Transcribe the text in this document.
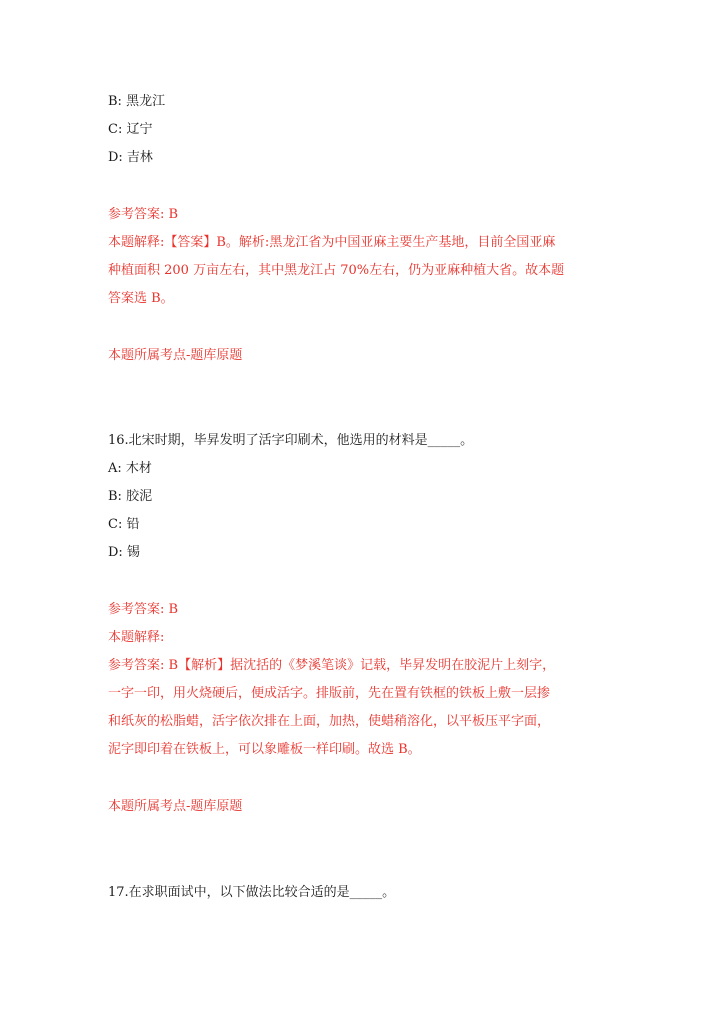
B: 黑龙江
C: 辽宁
D: 吉林
参考答案: B
本题解释:【答案】B。解析:黑龙江省为中国亚麻主要生产基地，目前全国亚麻
种植面积 200 万亩左右，其中黑龙江占 70%左右，仍为亚麻种植大省。故本题
答案选 B。
本题所属考点-题库原题
16.北宋时期，毕昇发明了活字印刷术，他选用的材料是_____。
A: 木材
B: 胶泥
C: 铅
D: 锡
参考答案: B
本题解释:
参考答案: B【解析】据沈括的《梦溪笔谈》记载，毕昇发明在胶泥片上刻字，
一字一印，用火烧硬后，便成活字。排版前，先在置有铁框的铁板上敷一层掺
和纸灰的松脂蜡，活字依次排在上面，加热，使蜡稍溶化，以平板压平字面，
泥字即印着在铁板上，可以象雕板一样印刷。故选 B。
本题所属考点-题库原题
17.在求职面试中，以下做法比较合适的是_____。
